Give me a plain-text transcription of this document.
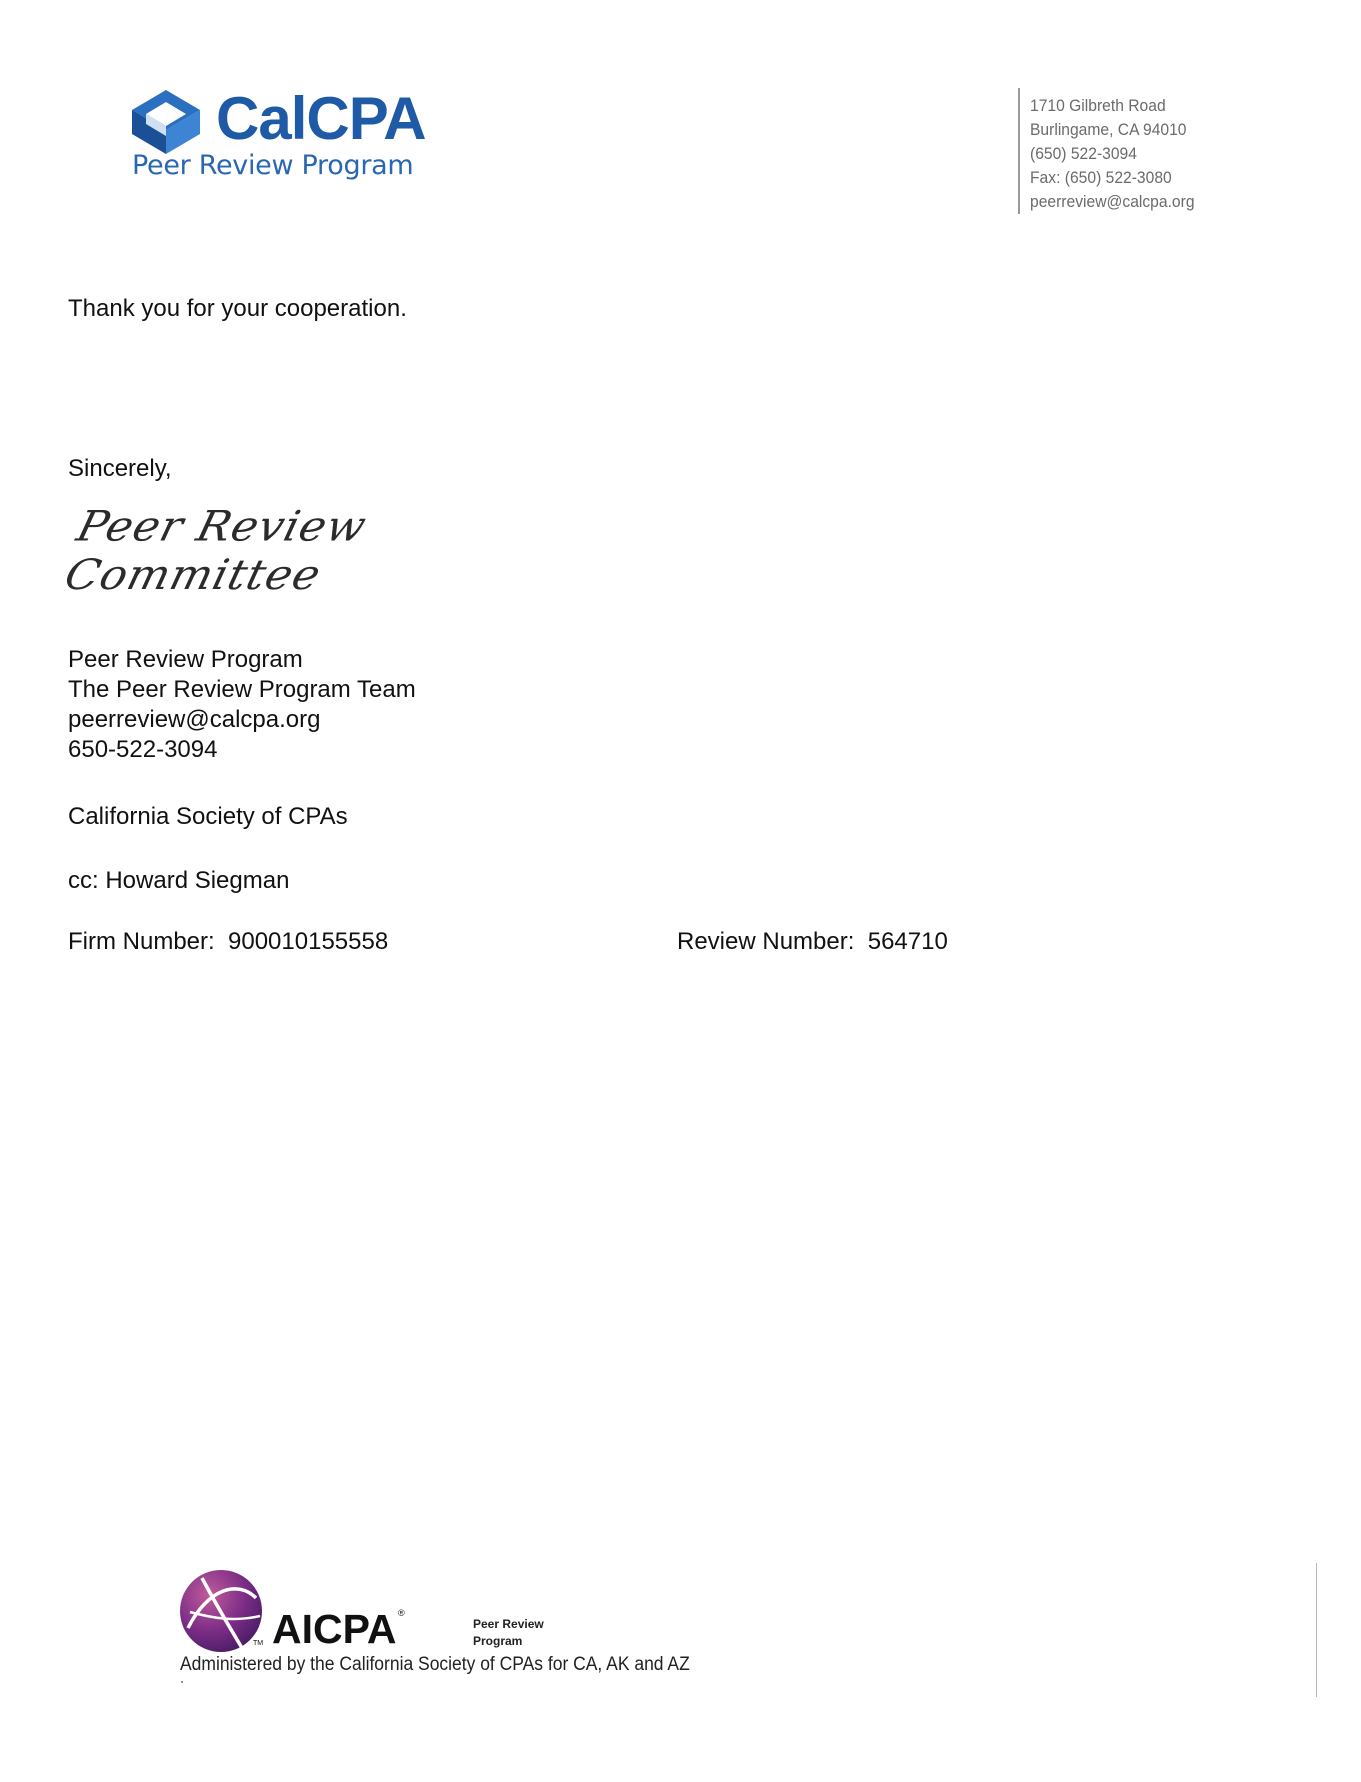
CalCPA
Peer Review Program
1710 Gilbreth Road
Burlingame, CA 94010
(650) 522-3094
Fax: (650) 522-3080
peerreview@calcpa.org
Thank you for your cooperation.
Sincerely,
Peer Review Committee
Peer Review Program
The Peer Review Program Team
peerreview@calcpa.org
650-522-3094
California Society of CPAs
cc: Howard Siegman
Firm Number: 900010155558	Review Number: 564710
TM AICPA ®
Peer Review
Program
Administered by the California Society of CPAs for CA, AK and AZ
